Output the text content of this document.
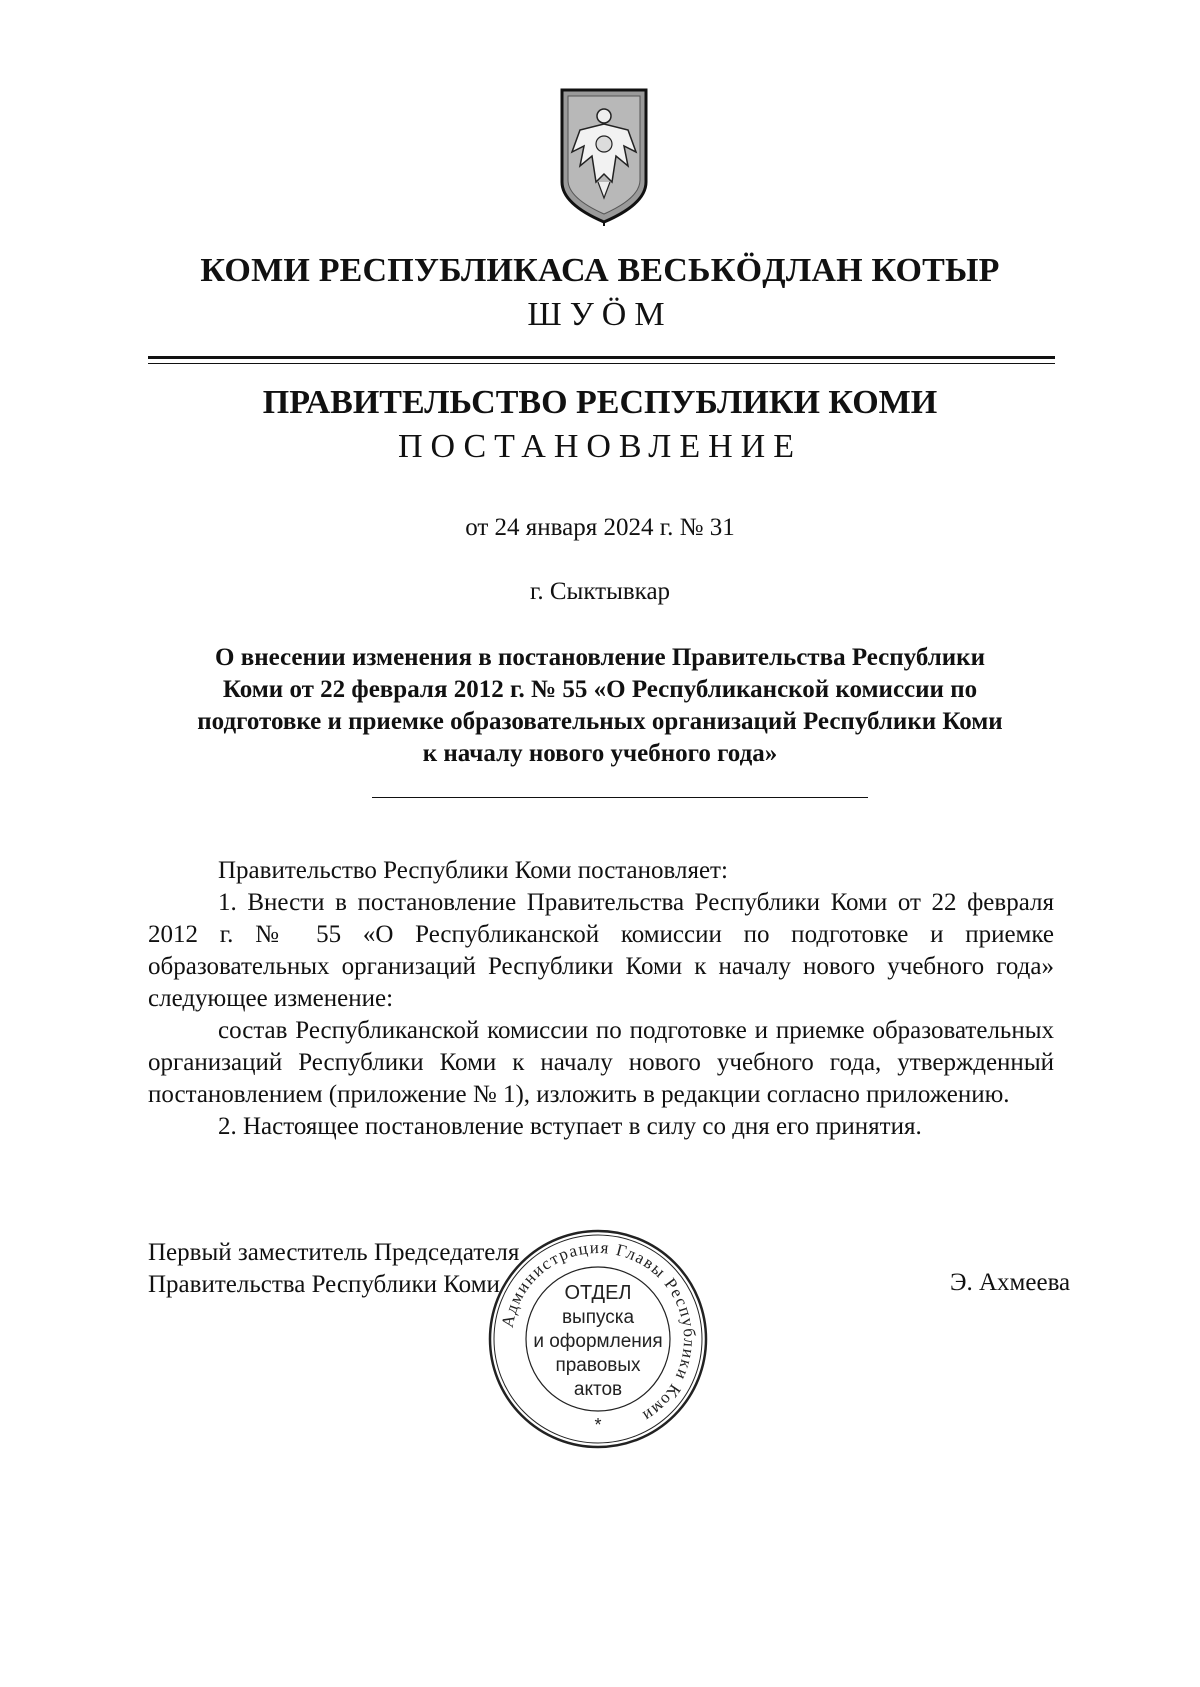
КОМИ РЕСПУБЛИКАСА ВЕСЬКӦДЛАН КОТЫР
ШУӦМ
ПРАВИТЕЛЬСТВО РЕСПУБЛИКИ КОМИ
ПОСТАНОВЛЕНИЕ
от 24 января 2024 г. № 31
г. Сыктывкар
О внесении изменения в постановление Правительства Республики
Коми от 22 февраля 2012 г. № 55 «О Республиканской комиссии по
подготовке и приемке образовательных организаций Республики Коми
к началу нового учебного года»

Правительство Республики Коми постановляет:

1. Внести в постановление Правительства Республики Коми от 22 февраля 2012 г. № 55 «О Республиканской комиссии по подготовке и приемке образовательных организаций Республики Коми к началу нового учебного года» следующее изменение:

состав Республиканской комиссии по подготовке и приемке образовательных организаций Республики Коми к началу нового учебного года, утвержденный постановлением (приложение № 1), изложить в редакции согласно приложению.

2. Настоящее постановление вступает в силу со дня его принятия.

Первый заместитель Председателя
Правительства Республики Коми	Э. Ахмеева
Администрация Главы Республики Коми
ОТДЕЛ
выпуска
и оформления
правовых
актов
*
